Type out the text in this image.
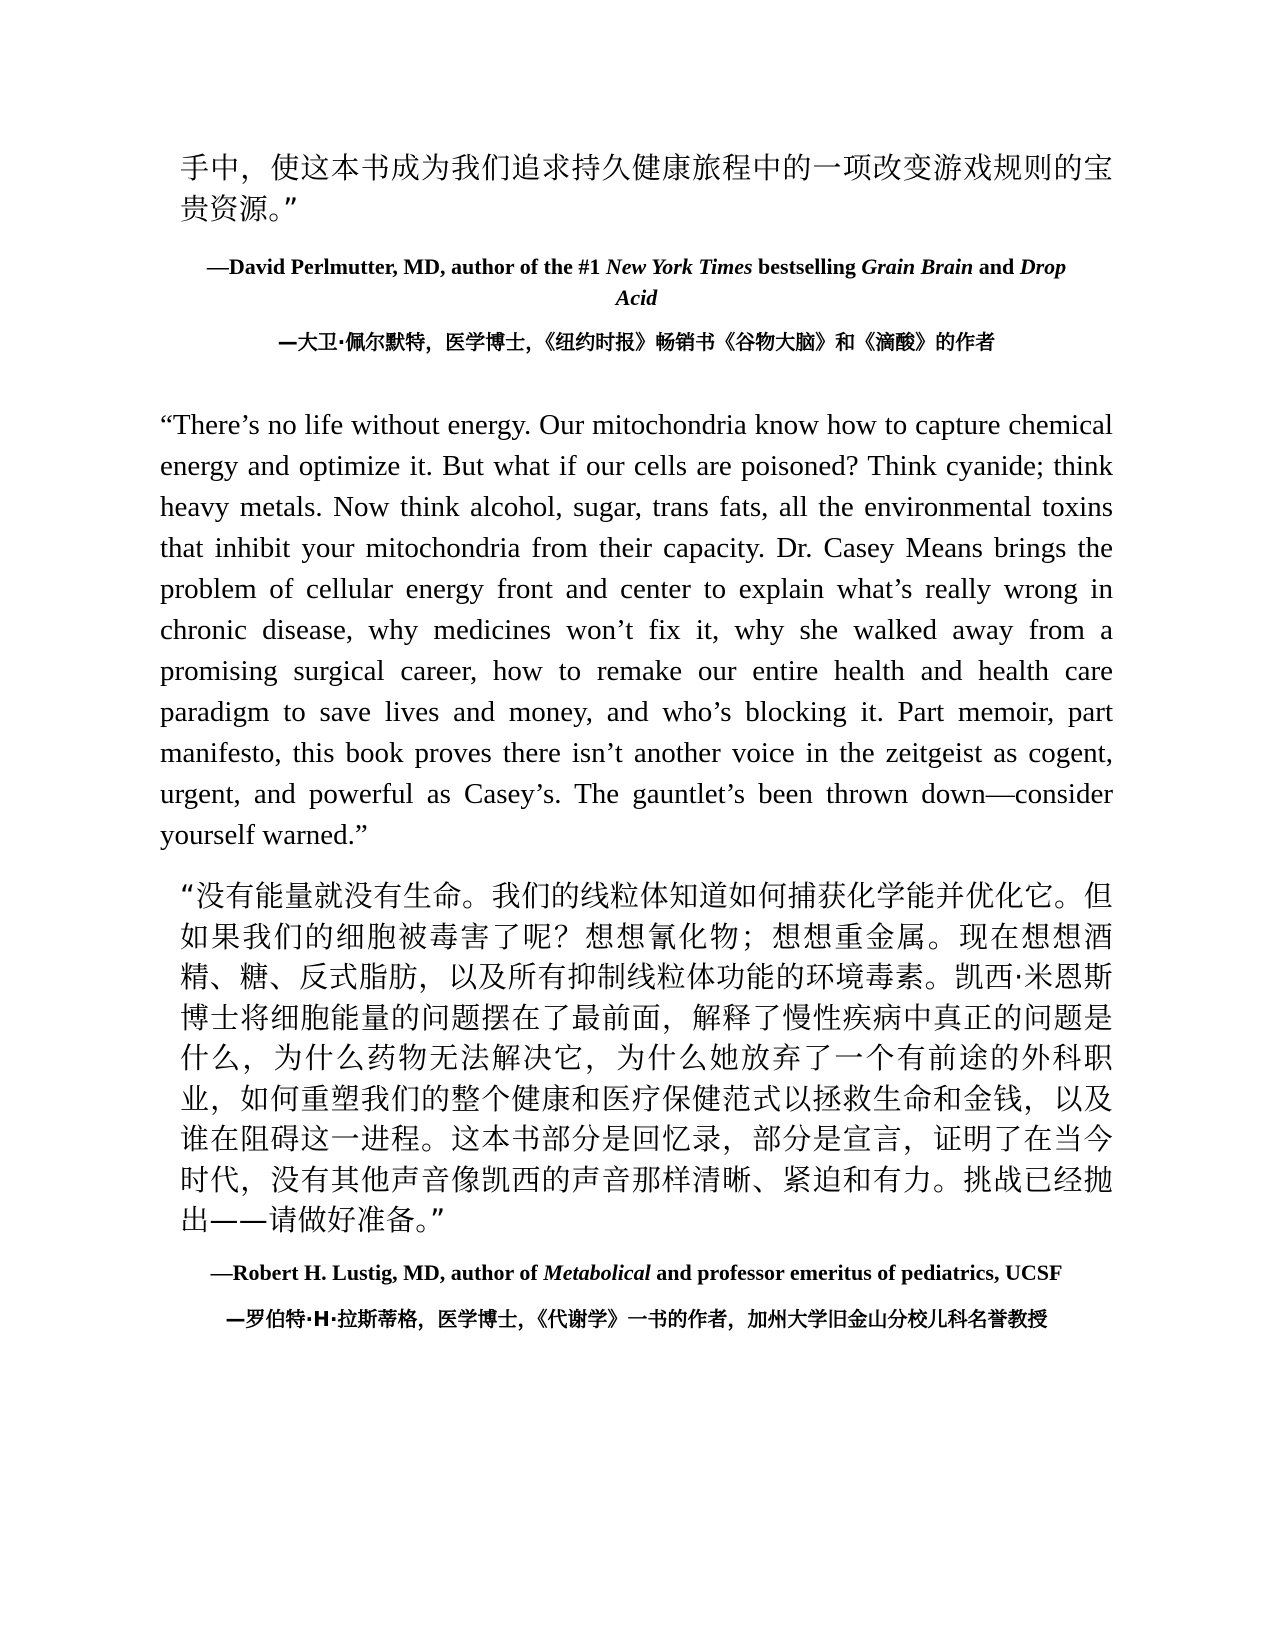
手中，使这本书成为我们追求持久健康旅程中的一项改变游戏规则的宝贵资源。”

—David Perlmutter, MD, author of the #1 New York Times bestselling Grain Brain and Drop Acid

—大卫·佩尔默特，医学博士，《纽约时报》畅销书《谷物大脑》和《滴酸》的作者

“There’s no life without energy. Our mitochondria know how to capture chemical energy and optimize it. But what if our cells are poisoned? Think cyanide; think heavy metals. Now think alcohol, sugar, trans fats, all the environmental toxins that inhibit your mitochondria from their capacity. Dr. Casey Means brings the problem of cellular energy front and center to explain what’s really wrong in chronic disease, why medicines won’t fix it, why she walked away from a promising surgical career, how to remake our entire health and health care paradigm to save lives and money, and who’s blocking it. Part memoir, part manifesto, this book proves there isn’t another voice in the zeitgeist as cogent, urgent, and powerful as Casey’s. The gauntlet’s been thrown down—consider yourself warned.”

“没有能量就没有生命。我们的线粒体知道如何捕获化学能并优化它。但如果我们的细胞被毒害了呢？想想氰化物；想想重金属。现在想想酒精、糖、反式脂肪，以及所有抑制线粒体功能的环境毒素。凯西·米恩斯博士将细胞能量的问题摆在了最前面，解释了慢性疾病中真正的问题是什么，为什么药物无法解决它，为什么她放弃了一个有前途的外科职业，如何重塑我们的整个健康和医疗保健范式以拯救生命和金钱，以及谁在阻碍这一进程。这本书部分是回忆录，部分是宣言，证明了在当今时代，没有其他声音像凯西的声音那样清晰、紧迫和有力。挑战已经抛出——请做好准备。”

—Robert H. Lustig, MD, author of Metabolical and professor emeritus of pediatrics, UCSF

—罗伯特·H·拉斯蒂格，医学博士，《代谢学》一书的作者，加州大学旧金山分校儿科名誉教授
